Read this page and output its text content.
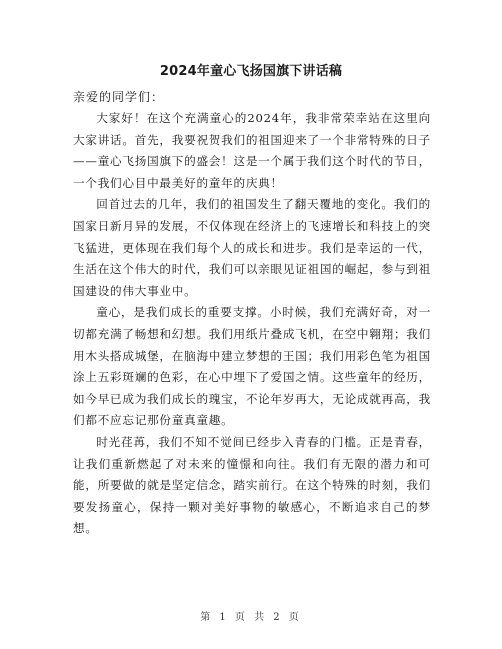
2024年童心飞扬国旗下讲话稿

亲爱的同学们：

大家好！在这个充满童心的2024年，我非常荣幸站在这里向大家讲话。首先，我要祝贺我们的祖国迎来了一个非常特殊的日子——童心飞扬国旗下的盛会！这是一个属于我们这个时代的节日，一个我们心目中最美好的童年的庆典！

回首过去的几年，我们的祖国发生了翻天覆地的变化。我们的国家日新月异的发展，不仅体现在经济上的飞速增长和科技上的突飞猛进，更体现在我们每个人的成长和进步。我们是幸运的一代，生活在这个伟大的时代，我们可以亲眼见证祖国的崛起，参与到祖国建设的伟大事业中。

童心，是我们成长的重要支撑。小时候，我们充满好奇，对一切都充满了畅想和幻想。我们用纸片叠成飞机，在空中翱翔；我们用木头搭成城堡，在脑海中建立梦想的王国；我们用彩色笔为祖国涂上五彩斑斓的色彩，在心中埋下了爱国之情。这些童年的经历，如今早已成为我们成长的瑰宝，不论年岁再大，无论成就再高，我们都不应忘记那份童真童趣。

时光荏苒，我们不知不觉间已经步入青春的门槛。正是青春，让我们重新燃起了对未来的憧憬和向往。我们有无限的潜力和可能，所要做的就是坚定信念，踏实前行。在这个特殊的时刻，我们要发扬童心，保持一颗对美好事物的敏感心，不断追求自己的梦想。

第 1 页 共 2 页
